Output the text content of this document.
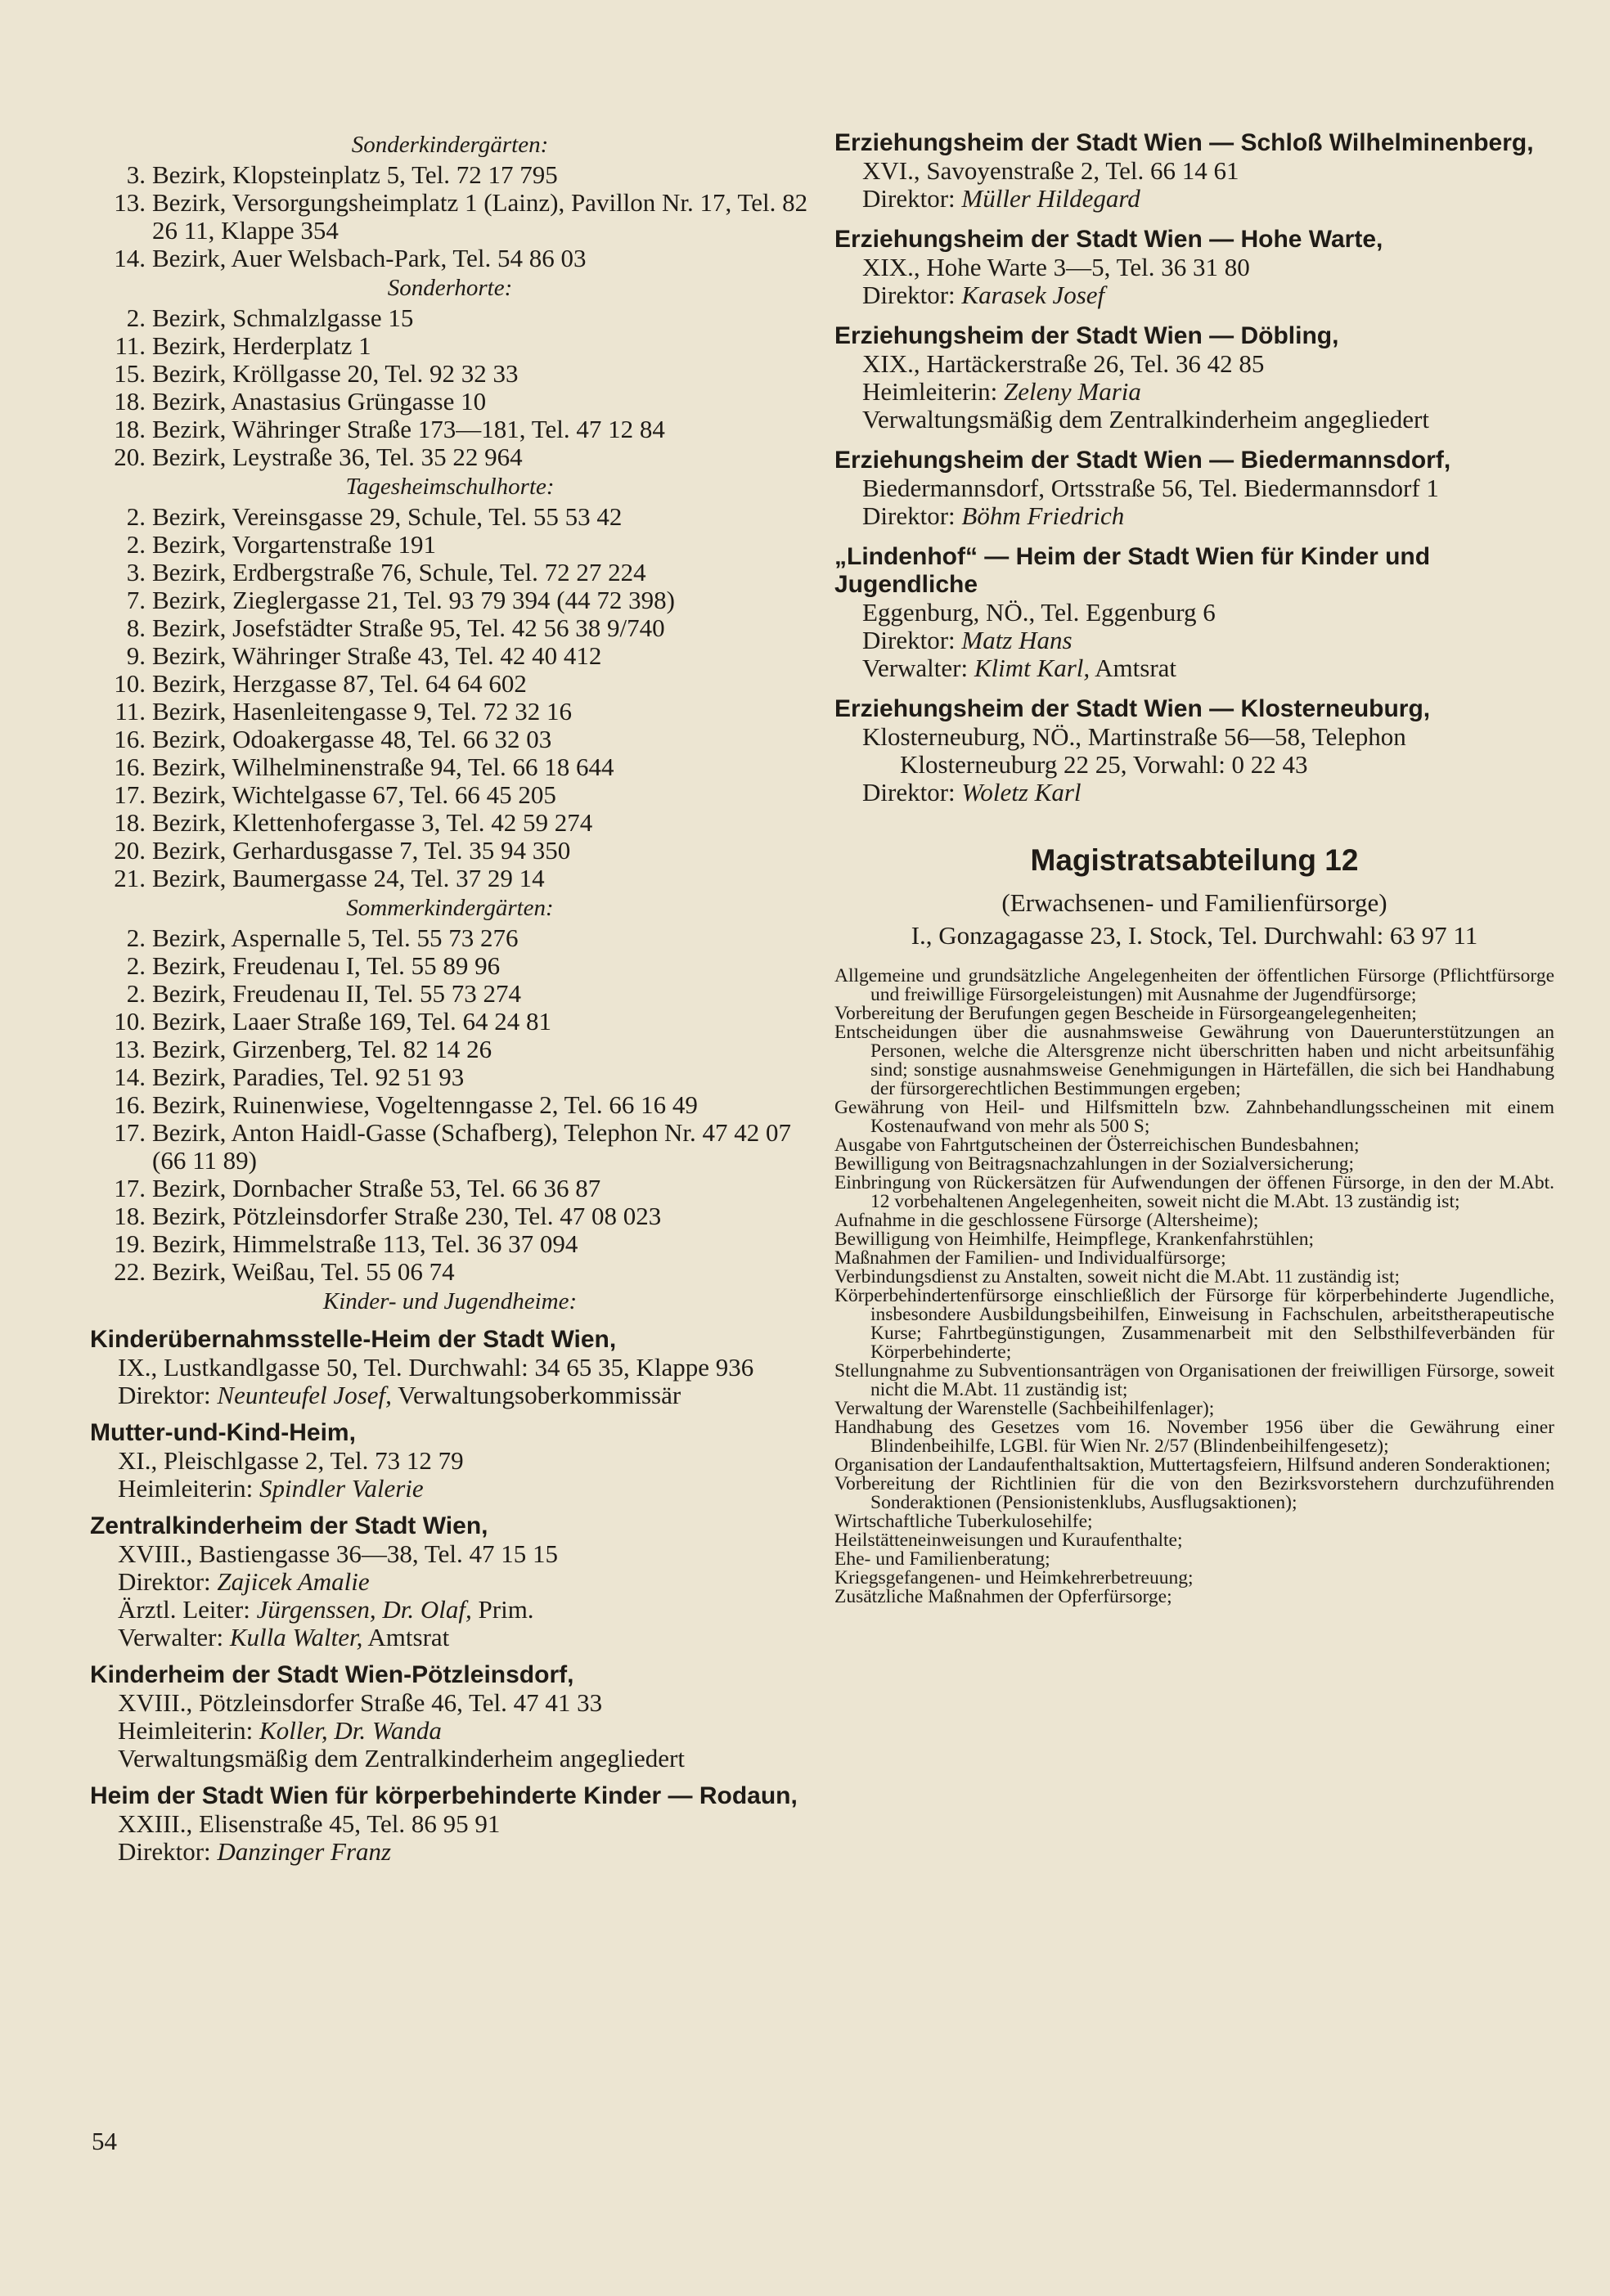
Sonderkindergärten:
3. Bezirk, Klopsteinplatz 5, Tel. 72 17 795
13. Bezirk, Versorgungsheimplatz 1 (Lainz), Pavillon Nr. 17, Tel. 82 26 11, Klappe 354
14. Bezirk, Auer Welsbach-Park, Tel. 54 86 03
Sonderhorte:
2. Bezirk, Schmalzlgasse 15
11. Bezirk, Herderplatz 1
15. Bezirk, Kröllgasse 20, Tel. 92 32 33
18. Bezirk, Anastasius Grüngasse 10
18. Bezirk, Währinger Straße 173—181, Tel. 47 12 84
20. Bezirk, Leystraße 36, Tel. 35 22 964
Tagesheimschulhorte:
2. Bezirk, Vereinsgasse 29, Schule, Tel. 55 53 42
2. Bezirk, Vorgartenstraße 191
3. Bezirk, Erdbergstraße 76, Schule, Tel. 72 27 224
7. Bezirk, Zieglergasse 21, Tel. 93 79 394 (44 72 398)
8. Bezirk, Josefstädter Straße 95, Tel. 42 56 38 9/740
9. Bezirk, Währinger Straße 43, Tel. 42 40 412
10. Bezirk, Herzgasse 87, Tel. 64 64 602
11. Bezirk, Hasenleitengasse 9, Tel. 72 32 16
16. Bezirk, Odoakergasse 48, Tel. 66 32 03
16. Bezirk, Wilhelminenstraße 94, Tel. 66 18 644
17. Bezirk, Wichtelgasse 67, Tel. 66 45 205
18. Bezirk, Klettenhofergasse 3, Tel. 42 59 274
20. Bezirk, Gerhardusgasse 7, Tel. 35 94 350
21. Bezirk, Baumergasse 24, Tel. 37 29 14
Sommerkindergärten:
2. Bezirk, Aspernalle 5, Tel. 55 73 276
2. Bezirk, Freudenau I, Tel. 55 89 96
2. Bezirk, Freudenau II, Tel. 55 73 274
10. Bezirk, Laaer Straße 169, Tel. 64 24 81
13. Bezirk, Girzenberg, Tel. 82 14 26
14. Bezirk, Paradies, Tel. 92 51 93
16. Bezirk, Ruinenwiese, Vogeltenngasse 2, Tel. 66 16 49
17. Bezirk, Anton Haidl-Gasse (Schafberg), Telephon Nr. 47 42 07 (66 11 89)
17. Bezirk, Dornbacher Straße 53, Tel. 66 36 87
18. Bezirk, Pötzleinsdorfer Straße 230, Tel. 47 08 023
19. Bezirk, Himmelstraße 113, Tel. 36 37 094
22. Bezirk, Weißau, Tel. 55 06 74
Kinder- und Jugendheime:
Kinderübernahmsstelle-Heim der Stadt Wien,
IX., Lustkandlgasse 50, Tel. Durchwahl: 34 65 35, Klappe 936
Direktor: Neunteufel Josef, Verwaltungsoberkommissär
Mutter-und-Kind-Heim,
XI., Pleischlgasse 2, Tel. 73 12 79
Heimleiterin: Spindler Valerie
Zentralkinderheim der Stadt Wien,
XVIII., Bastiengasse 36—38, Tel. 47 15 15
Direktor: Zajicek Amalie
Ärztl. Leiter: Jürgenssen, Dr. Olaf, Prim.
Verwalter: Kulla Walter, Amtsrat
Kinderheim der Stadt Wien-Pötzleinsdorf,
XVIII., Pötzleinsdorfer Straße 46, Tel. 47 41 33
Heimleiterin: Koller, Dr. Wanda
Verwaltungsmäßig dem Zentralkinderheim angegliedert
Heim der Stadt Wien für körperbehinderte Kinder — Rodaun,
XXIII., Elisenstraße 45, Tel. 86 95 91
Direktor: Danzinger Franz
Erziehungsheim der Stadt Wien — Schloß Wilhelminenberg,
XVI., Savoyenstraße 2, Tel. 66 14 61
Direktor: Müller Hildegard
Erziehungsheim der Stadt Wien — Hohe Warte,
XIX., Hohe Warte 3—5, Tel. 36 31 80
Direktor: Karasek Josef
Erziehungsheim der Stadt Wien — Döbling,
XIX., Hartäckerstraße 26, Tel. 36 42 85
Heimleiterin: Zeleny Maria
Verwaltungsmäßig dem Zentralkinderheim angegliedert
Erziehungsheim der Stadt Wien — Biedermannsdorf,
Biedermannsdorf, Ortsstraße 56, Tel. Biedermannsdorf 1
Direktor: Böhm Friedrich
„Lindenhof“ — Heim der Stadt Wien für Kinder und Jugendliche
Eggenburg, NÖ., Tel. Eggenburg 6
Direktor: Matz Hans
Verwalter: Klimt Karl, Amtsrat
Erziehungsheim der Stadt Wien — Klosterneuburg,
Klosterneuburg, NÖ., Martinstraße 56—58, Telephon Klosterneuburg 22 25, Vorwahl: 0 22 43
Direktor: Woletz Karl
Magistratsabteilung 12
(Erwachsenen- und Familienfürsorge)
I., Gonzagagasse 23, I. Stock, Tel. Durchwahl: 63 97 11
Allgemeine und grundsätzliche Angelegenheiten der öffentlichen Fürsorge (Pflichtfürsorge und freiwillige Fürsorgeleistungen) mit Ausnahme der Jugendfürsorge;
Vorbereitung der Berufungen gegen Bescheide in Fürsorgeangelegenheiten;
Entscheidungen über die ausnahmsweise Gewährung von Dauerunterstützungen an Personen, welche die Altersgrenze nicht überschritten haben und nicht arbeitsunfähig sind; sonstige ausnahmsweise Genehmigungen in Härtefällen, die sich bei Handhabung der fürsorgerechtlichen Bestimmungen ergeben;
Gewährung von Heil- und Hilfsmitteln bzw. Zahnbehandlungsscheinen mit einem Kostenaufwand von mehr als 500 S;
Ausgabe von Fahrtgutscheinen der Österreichischen Bundesbahnen;
Bewilligung von Beitragsnachzahlungen in der Sozialversicherung;
Einbringung von Rückersätzen für Aufwendungen der öffenen Fürsorge, in den der M.Abt. 12 vorbehaltenen Angelegenheiten, soweit nicht die M.Abt. 13 zuständig ist;
Aufnahme in die geschlossene Fürsorge (Altersheime);
Bewilligung von Heimhilfe, Heimpflege, Krankenfahrstühlen;
Maßnahmen der Familien- und Individualfürsorge;
Verbindungsdienst zu Anstalten, soweit nicht die M.Abt. 11 zuständig ist;
Körperbehindertenfürsorge einschließlich der Fürsorge für körperbehinderte Jugendliche, insbesondere Ausbildungsbeihilfen, Einweisung in Fachschulen, arbeitstherapeutische Kurse; Fahrtbegünstigungen, Zusammenarbeit mit den Selbsthilfeverbänden für Körperbehinderte;
Stellungnahme zu Subventionsanträgen von Organisationen der freiwilligen Fürsorge, soweit nicht die M.Abt. 11 zuständig ist;
Verwaltung der Warenstelle (Sachbeihilfenlager);
Handhabung des Gesetzes vom 16. November 1956 über die Gewährung einer Blindenbeihilfe, LGBl. für Wien Nr. 2/57 (Blindenbeihilfengesetz);
Organisation der Landaufenthaltsaktion, Muttertagsfeiern, Hilfsund anderen Sonderaktionen;
Vorbereitung der Richtlinien für die von den Bezirksvorstehern durchzuführenden Sonderaktionen (Pensionistenklubs, Ausflugsaktionen);
Wirtschaftliche Tuberkulosehilfe;
Heilstätteneinweisungen und Kuraufenthalte;
Ehe- und Familienberatung;
Kriegsgefangenen- und Heimkehrerbetreuung;
Zusätzliche Maßnahmen der Opferfürsorge;
54
